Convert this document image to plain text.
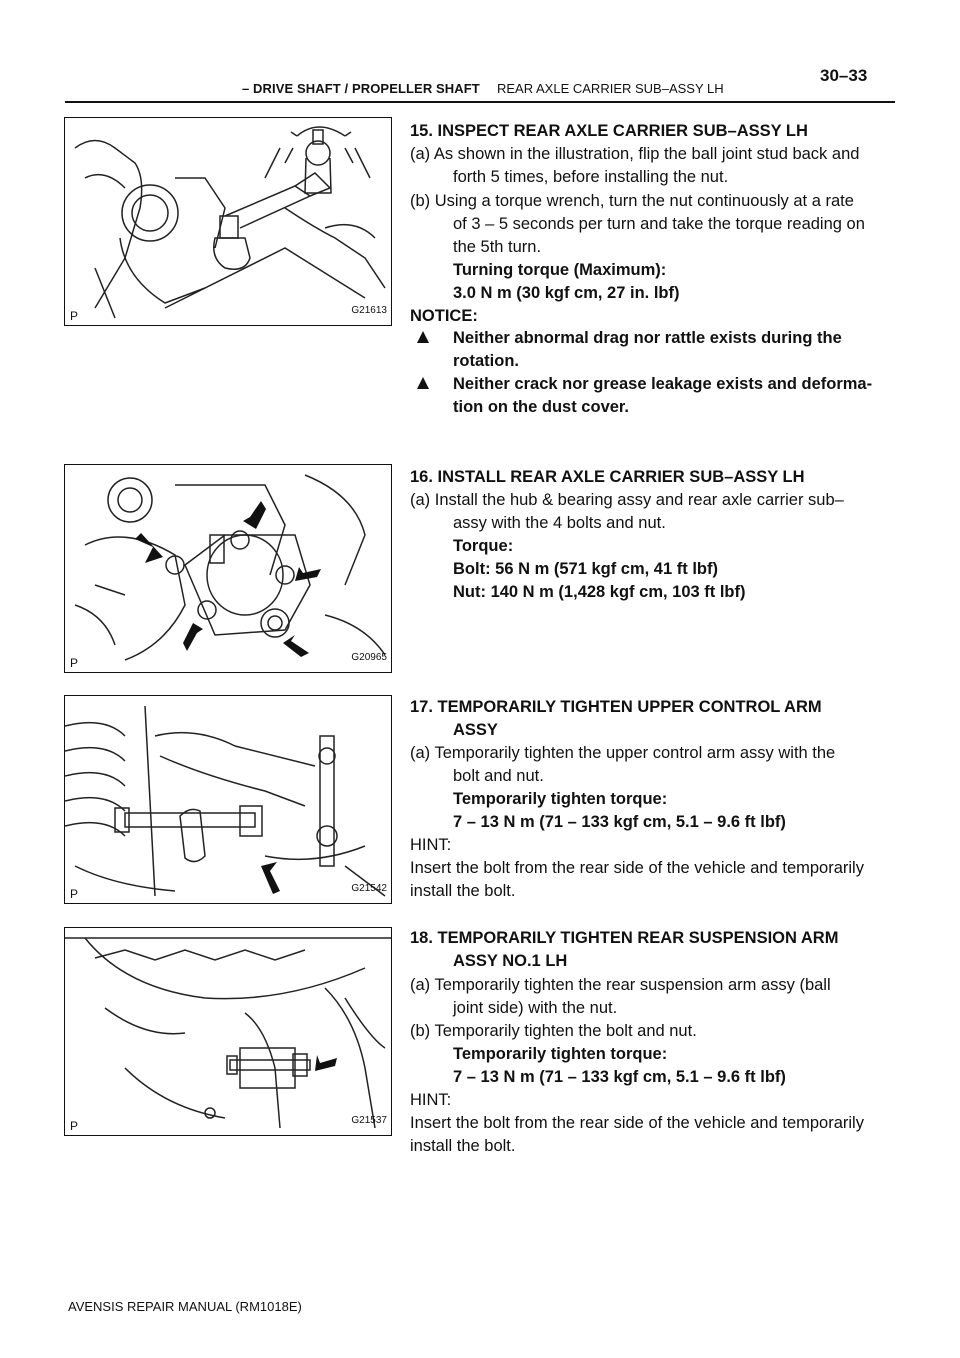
– DRIVE SHAFT / PROPELLER SHAFT REAR AXLE CARRIER SUB–ASSY LH
30–33
P	G21613
P	G20965
P	G21542
P	G21537
15. INSPECT REAR AXLE CARRIER SUB–ASSY LH
(a) As shown in the illustration, flip the ball joint stud back and
forth 5 times, before installing the nut.
(b) Using a torque wrench, turn the nut continuously at a rate
of 3 – 5 seconds per turn and take the torque reading on
the 5th turn.
Turning torque (Maximum):
3.0 N m (30 kgf cm, 27 in. lbf)
NOTICE:
Neither abnormal drag nor rattle exists during the
rotation.
Neither crack nor grease leakage exists and deforma-
tion on the dust cover.
16. INSTALL REAR AXLE CARRIER SUB–ASSY LH
(a) Install the hub & bearing assy and rear axle carrier sub–
assy with the 4 bolts and nut.
Torque:
Bolt: 56 N m (571 kgf cm, 41 ft lbf)
Nut: 140 N m (1,428 kgf cm, 103 ft lbf)
17. TEMPORARILY TIGHTEN UPPER CONTROL ARM
ASSY
(a) Temporarily tighten the upper control arm assy with the
bolt and nut.
Temporarily tighten torque:
7 – 13 N m (71 – 133 kgf cm, 5.1 – 9.6 ft lbf)
HINT:
Insert the bolt from the rear side of the vehicle and temporarily
install the bolt.
18. TEMPORARILY TIGHTEN REAR SUSPENSION ARM
ASSY NO.1 LH
(a) Temporarily tighten the rear suspension arm assy (ball
joint side) with the nut.
(b) Temporarily tighten the bolt and nut.
Temporarily tighten torque:
7 – 13 N m (71 – 133 kgf cm, 5.1 – 9.6 ft lbf)
HINT:
Insert the bolt from the rear side of the vehicle and temporarily
install the bolt.
AVENSIS REPAIR MANUAL (RM1018E)
